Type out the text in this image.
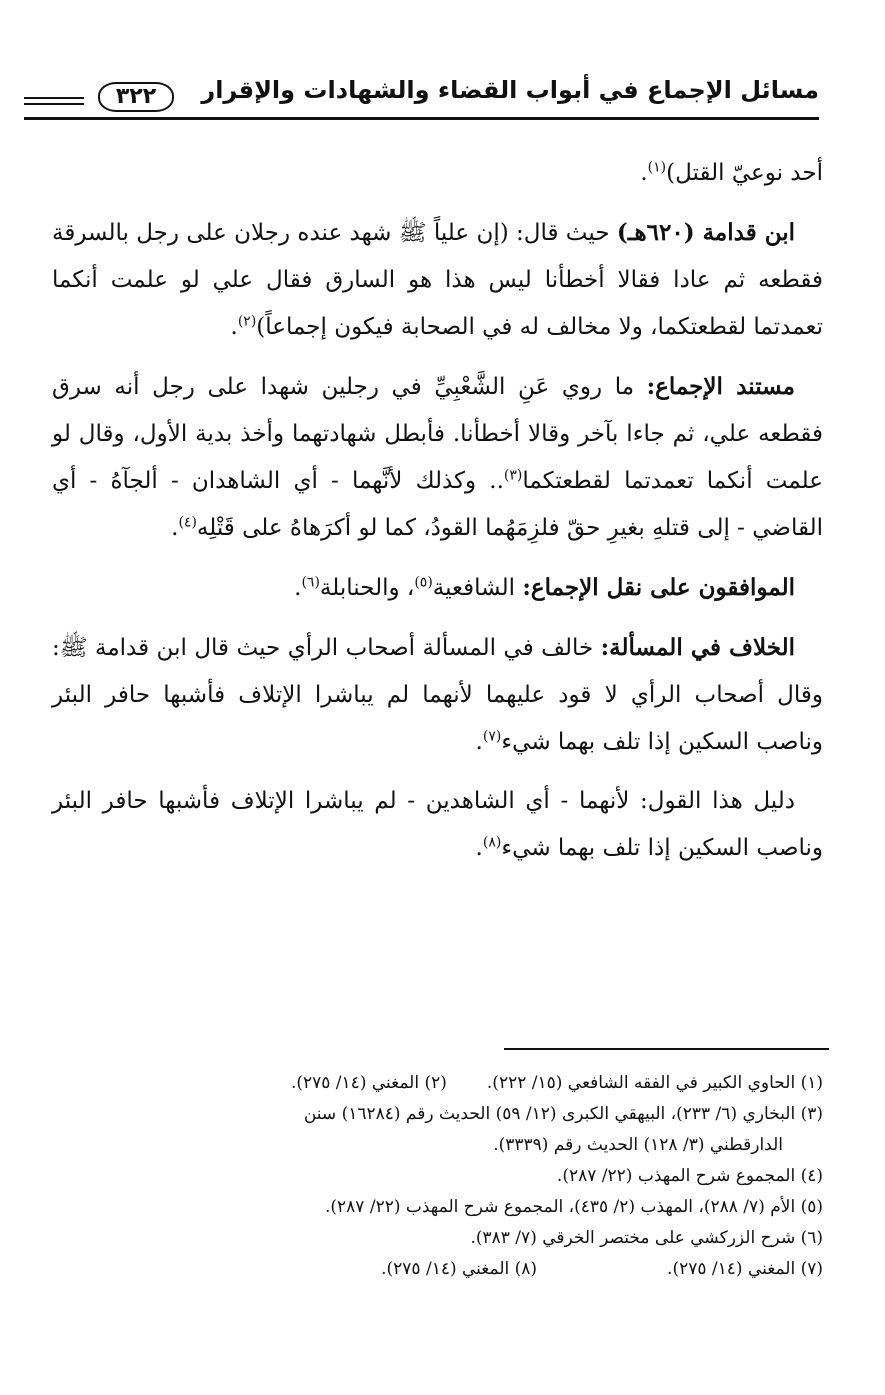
مسائل الإجماع في أبواب القضاء والشهادات والإقرار
٣٢٢

أحد نوعيّ القتل)$^{(١)}$.

ابن قدامة (٦٢٠هـ) حيث قال: (إن علياً ﷺ شهد عنده رجلان على رجل بالسرقة فقطعه ثم عادا فقالا أخطأنا ليس هذا هو السارق فقال علي لو علمت أنكما تعمدتما لقطعتكما، ولا مخالف له في الصحابة فيكون إجماعاً)$^{(٢)}$.

مستند الإجماع: ما روي عَنِ الشَّعْبِيِّ في رجلين شهدا على رجل أنه سرق فقطعه علي، ثم جاءا بآخر وقالا أخطأنا. فأبطل شهادتهما وأخذ بدية الأول، وقال لو علمت أنكما تعمدتما لقطعتكما$^{(٣)}$.. وكذلك لأنَّهما - أي الشاهدان - ألجآهُ - أي القاضي - إلى قتلهِ بغيرِ حقّ فلزِمَهُما القودُ، كما لو أكرَهاهُ على قَتْلِه$^{(٤)}$.

الموافقون على نقل الإجماع: الشافعية$^{(٥)}$، والحنابلة$^{(٦)}$.

الخلاف في المسألة: خالف في المسألة أصحاب الرأي حيث قال ابن قدامة ﷺ: وقال أصحاب الرأي لا قود عليهما لأنهما لم يباشرا الإتلاف فأشبها حافر البئر وناصب السكين إذا تلف بهما شيء$^{(٧)}$.

دليل هذا القول: لأنهما - أي الشاهدين - لم يباشرا الإتلاف فأشبها حافر البئر وناصب السكين إذا تلف بهما شيء$^{(٨)}$.

(١) الحاوي الكبير في الفقه الشافعي (١٥/ ٢٢٢).(٢) المغني (١٤/ ٢٧٥).

(٣) البخاري (٦/ ٢٣٣)، البيهقي الكبرى (١٢/ ٥٩) الحديث رقم (١٦٢٨٤) سنن

الدارقطني (٣/ ١٢٨) الحديث رقم (٣٣٣٩).

(٤) المجموع شرح المهذب (٢٢/ ٢٨٧).

(٥) الأم (٧/ ٢٨٨)، المهذب (٢/ ٤٣٥)، المجموع شرح المهذب (٢٢/ ٢٨٧).

(٦) شرح الزركشي على مختصر الخرقي (٧/ ٣٨٣).

(٧) المغني (١٤/ ٢٧٥).(٨) المغني (١٤/ ٢٧٥).
